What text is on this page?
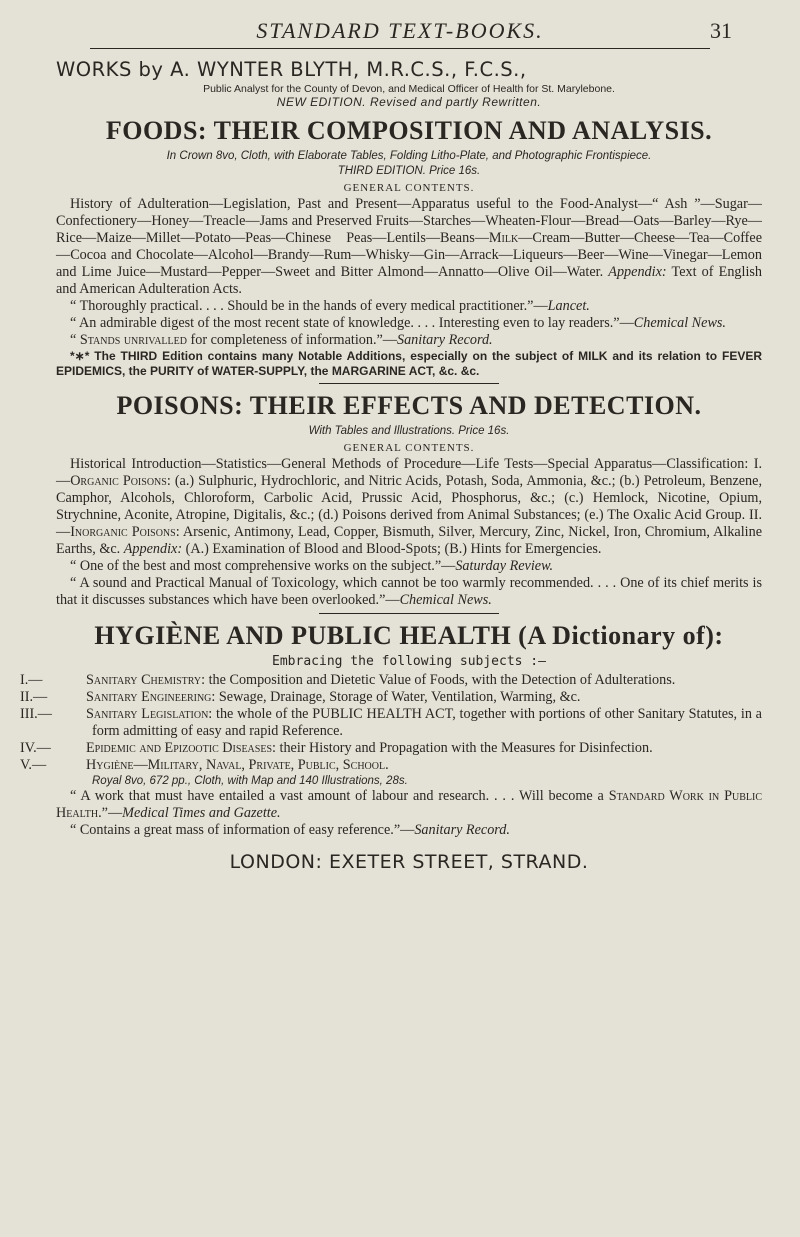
STANDARD TEXT-BOOKS.	31
WORKS by A. WYNTER BLYTH, M.R.C.S., F.C.S.,
Public Analyst for the County of Devon, and Medical Officer of Health for St. Marylebone.
NEW EDITION. Revised and partly Rewritten.
FOODS: THEIR COMPOSITION AND ANALYSIS.
In Crown 8vo, Cloth, with Elaborate Tables, Folding Litho-Plate, and Photographic Frontispiece.
THIRD EDITION. Price 16s.
GENERAL CONTENTS.

History of Adulteration—Legislation, Past and Present—Apparatus useful to the Food-Analyst—“ Ash ”—Sugar—Confectionery—Honey—Treacle—Jams and Preserved Fruits—Starches—Wheaten-Flour—Bread—Oats—Barley—Rye—Rice—Maize—Millet—Potato—Peas—Chinese Peas—Lentils—Beans—Milk—Cream—Butter—Cheese—Tea—Coffee—Cocoa and Chocolate—Alcohol—Brandy—Rum—Whisky—Gin—Arrack—Liqueurs—Beer—Wine—Vinegar—Lemon and Lime Juice—Mustard—Pepper—Sweet and Bitter Almond—Annatto—Olive Oil—Water. Appendix: Text of English and American Adulteration Acts.

“ Thoroughly practical. . . . Should be in the hands of every medical practitioner.”—Lancet.

“ An admirable digest of the most recent state of knowledge. . . . Interesting even to lay readers.”—Chemical News.

“ Stands unrivalled for completeness of information.”—Sanitary Record.

*∗* The THIRD Edition contains many Notable Additions, especially on the subject of MILK and its relation to FEVER EPIDEMICS, the PURITY of WATER-SUPPLY, the MARGARINE ACT, &c. &c.

POISONS: THEIR EFFECTS AND DETECTION.
With Tables and Illustrations. Price 16s.
GENERAL CONTENTS.

Historical Introduction—Statistics—General Methods of Procedure—Life Tests—Special Apparatus—Classification: I.—Organic Poisons: (a.) Sulphuric, Hydrochloric, and Nitric Acids, Potash, Soda, Ammonia, &c.; (b.) Petroleum, Benzene, Camphor, Alcohols, Chloroform, Carbolic Acid, Prussic Acid, Phosphorus, &c.; (c.) Hemlock, Nicotine, Opium, Strychnine, Aconite, Atropine, Digitalis, &c.; (d.) Poisons derived from Animal Substances; (e.) The Oxalic Acid Group. II.—Inorganic Poisons: Arsenic, Antimony, Lead, Copper, Bismuth, Silver, Mercury, Zinc, Nickel, Iron, Chromium, Alkaline Earths, &c. Appendix: (A.) Examination of Blood and Blood-Spots; (B.) Hints for Emergencies.

“ One of the best and most comprehensive works on the subject.”—Saturday Review.

“ A sound and Practical Manual of Toxicology, which cannot be too warmly recommended. . . . One of its chief merits is that it discusses substances which have been overlooked.”—Chemical News.

HYGIÈNE AND PUBLIC HEALTH (A Dictionary of):
Embracing the following subjects :—
I.—	Sanitary Chemistry: the Composition and Dietetic Value of Foods, with the Detection of Adulterations.
II.—	Sanitary Engineering: Sewage, Drainage, Storage of Water, Ventilation, Warming, &c.
III.— Sanitary Legislation: the whole of the PUBLIC HEALTH ACT, together with portions of other Sanitary Statutes, in a form admitting of easy and rapid Reference.
IV.— Epidemic and Epizootic Diseases: their History and Propagation with the Measures for Disinfection.
V.—	Hygiène—Military, Naval, Private, Public, School.
Royal 8vo, 672 pp., Cloth, with Map and 140 Illustrations, 28s.

“ A work that must have entailed a vast amount of labour and research. . . . Will become a Standard Work in Public Health.”—Medical Times and Gazette.

“ Contains a great mass of information of easy reference.”—Sanitary Record.

LONDON: EXETER STREET, STRAND.
